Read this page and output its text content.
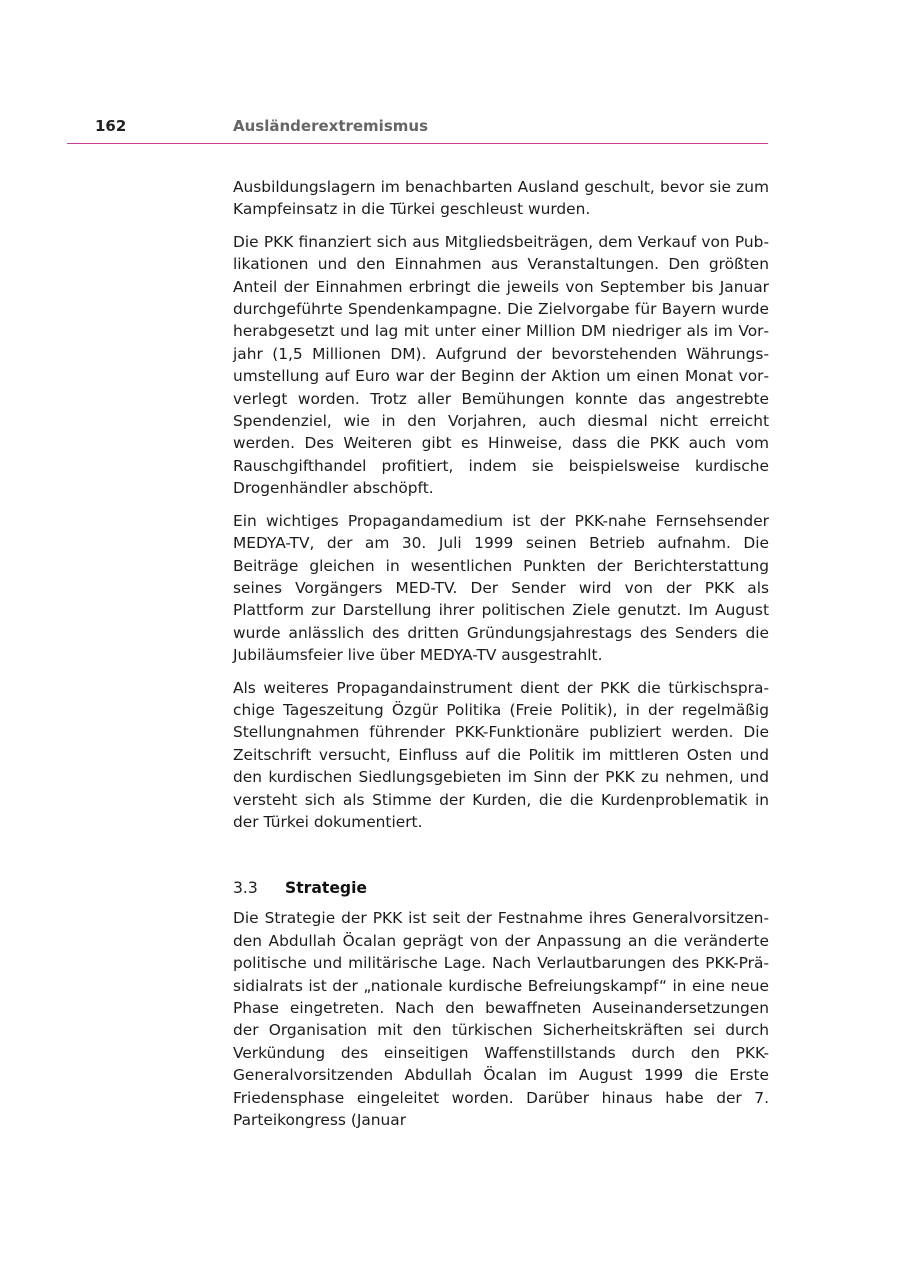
162	Ausländerextremismus

Ausbildungslagern im benachbarten Ausland geschult, bevor sie zum Kampfeinsatz in die Türkei geschleust wurden.

Die PKK finanziert sich aus Mitgliedsbeiträgen, dem Verkauf von Publikationen und den Einnahmen aus Veranstaltungen. Den größten Anteil der Einnahmen erbringt die jeweils von September bis Januar durchgeführte Spendenkampagne. Die Zielvorgabe für Bayern wurde herabgesetzt und lag mit unter einer Million DM niedriger als im Vorjahr (1,5 Millionen DM). Aufgrund der bevorstehenden Währungsumstellung auf Euro war der Beginn der Aktion um einen Monat vorverlegt worden. Trotz aller Bemühungen konnte das angestrebte Spendenziel, wie in den Vorjahren, auch diesmal nicht erreicht werden. Des Weiteren gibt es Hinweise, dass die PKK auch vom Rauschgifthandel profitiert, indem sie beispielsweise kurdische Drogenhändler abschöpft.

Ein wichtiges Propagandamedium ist der PKK-nahe Fernsehsender MEDYA-TV, der am 30. Juli 1999 seinen Betrieb aufnahm. Die Beiträge gleichen in wesentlichen Punkten der Berichterstattung seines Vorgängers MED-TV. Der Sender wird von der PKK als Plattform zur Darstellung ihrer politischen Ziele genutzt. Im August wurde anlässlich des dritten Gründungsjahrestags des Senders die Jubiläumsfeier live über MEDYA-TV ausgestrahlt.

Als weiteres Propagandainstrument dient der PKK die türkischsprachige Tageszeitung Özgür Politika (Freie Politik), in der regelmäßig Stellungnahmen führender PKK-Funktionäre publiziert werden. Die Zeitschrift versucht, Einfluss auf die Politik im mittleren Osten und den kurdischen Siedlungsgebieten im Sinn der PKK zu nehmen, und versteht sich als Stimme der Kurden, die die Kurdenproblematik in der Türkei dokumentiert.

3.3 Strategie

Die Strategie der PKK ist seit der Festnahme ihres Generalvorsitzenden Abdullah Öcalan geprägt von der Anpassung an die veränderte politische und militärische Lage. Nach Verlautbarungen des PKK-Präsidialrats ist der „nationale kurdische Befreiungskampf“ in eine neue Phase eingetreten. Nach den bewaffneten Auseinandersetzungen der Organisation mit den türkischen Sicherheitskräften sei durch Verkündung des einseitigen Waffenstillstands durch den PKK-Generalvorsitzenden Abdullah Öcalan im August 1999 die Erste Friedensphase eingeleitet worden. Darüber hinaus habe der 7. Parteikongress (Januar
